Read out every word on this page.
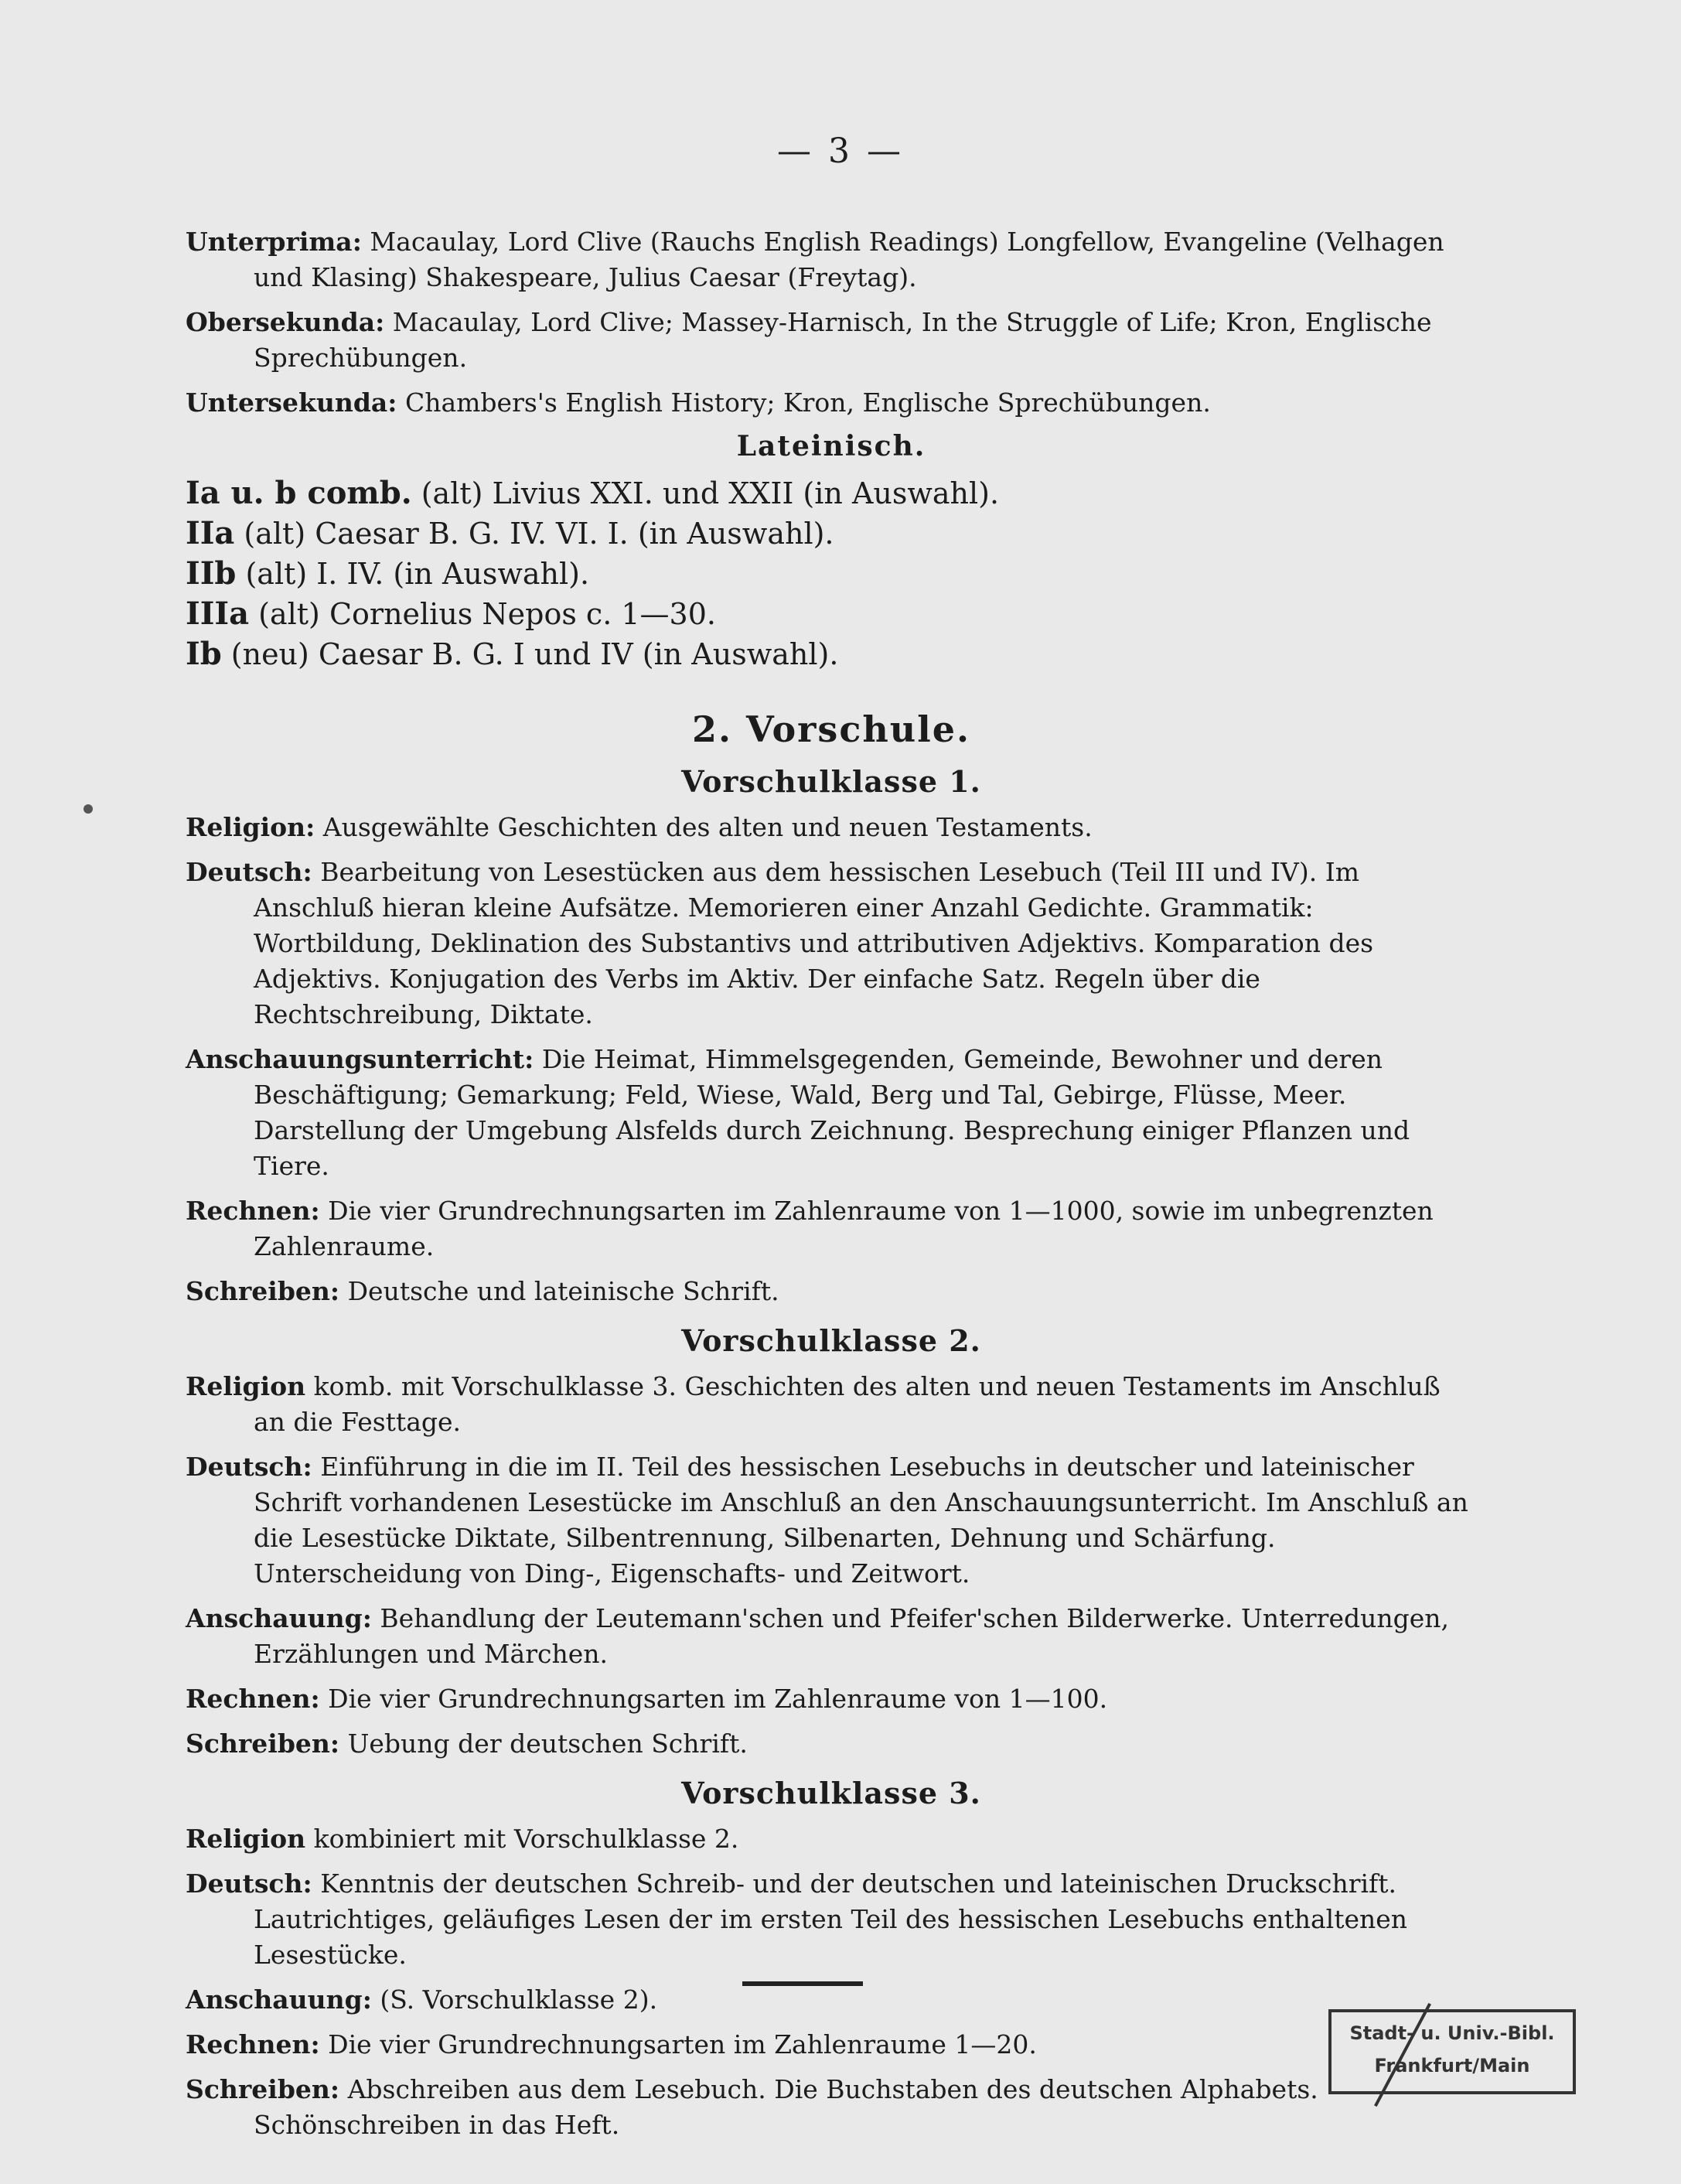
— 3 —

Unterprima: Macaulay, Lord Clive (Rauchs English Readings) Longfellow, Evangeline (Velhagen und Klasing) Shakespeare, Julius Caesar (Freytag).

Obersekunda: Macaulay, Lord Clive; Massey-Harnisch, In the Struggle of Life; Kron, Englische Sprechübungen.

Untersekunda: Chambers's English History; Kron, Englische Sprechübungen.

Lateinisch.

Ia u. b comb. (alt) Livius XXI. und XXII (in Auswahl).

IIa (alt) Caesar B. G. IV. VI. I. (in Auswahl).

IIb (alt) I. IV. (in Auswahl).

IIIa (alt) Cornelius Nepos c. 1—30.

Ib (neu) Caesar B. G. I und IV (in Auswahl).

2. Vorschule.
Vorschulklasse 1.

Religion: Ausgewählte Geschichten des alten und neuen Testaments.

Deutsch: Bearbeitung von Lesestücken aus dem hessischen Lesebuch (Teil III und IV). Im Anschluß hieran kleine Aufsätze. Memorieren einer Anzahl Gedichte. Grammatik: Wortbildung, Deklination des Substantivs und attributiven Adjektivs. Komparation des Adjektivs. Konjugation des Verbs im Aktiv. Der einfache Satz. Regeln über die Rechtschreibung, Diktate.

Anschauungsunterricht: Die Heimat, Himmelsgegenden, Gemeinde, Bewohner und deren Beschäftigung; Gemarkung; Feld, Wiese, Wald, Berg und Tal, Gebirge, Flüsse, Meer. Darstellung der Umgebung Alsfelds durch Zeichnung. Besprechung einiger Pflanzen und Tiere.

Rechnen: Die vier Grundrechnungsarten im Zahlenraume von 1—1000, sowie im unbegrenzten Zahlenraume.

Schreiben: Deutsche und lateinische Schrift.

Vorschulklasse 2.

Religion komb. mit Vorschulklasse 3. Geschichten des alten und neuen Testaments im Anschluß an die Festtage.

Deutsch: Einführung in die im II. Teil des hessischen Lesebuchs in deutscher und lateinischer Schrift vorhandenen Lesestücke im Anschluß an den Anschauungsunterricht. Im Anschluß an die Lesestücke Diktate, Silbentrennung, Silbenarten, Dehnung und Schärfung. Unterscheidung von Ding-, Eigenschafts- und Zeitwort.

Anschauung: Behandlung der Leutemann'schen und Pfeifer'schen Bilderwerke. Unterredungen, Erzählungen und Märchen.

Rechnen: Die vier Grundrechnungsarten im Zahlenraume von 1—100.

Schreiben: Uebung der deutschen Schrift.

Vorschulklasse 3.

Religion kombiniert mit Vorschulklasse 2.

Deutsch: Kenntnis der deutschen Schreib- und der deutschen und lateinischen Druckschrift. Lautrichtiges, geläufiges Lesen der im ersten Teil des hessischen Lesebuchs enthaltenen Lesestücke.

Anschauung: (S. Vorschulklasse 2).

Rechnen: Die vier Grundrechnungsarten im Zahlenraume 1—20.

Schreiben: Abschreiben aus dem Lesebuch. Die Buchstaben des deutschen Alphabets. Schönschreiben in das Heft.

Stadt- u. Univ.-Bibl.
Frankfurt/Main
